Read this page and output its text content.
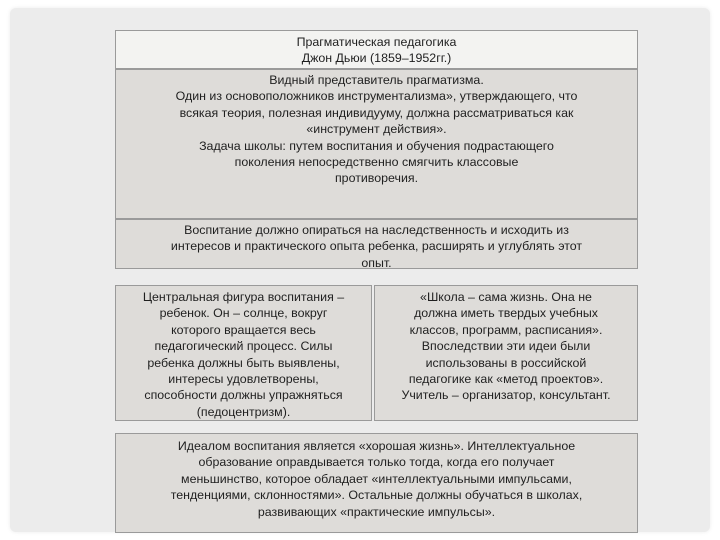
Прагматическая педагогика
Джон Дьюи (1859–1952гг.)
Видный представитель прагматизма.
Один из основоположников инструментализма», утверждающего, что
всякая теория, полезная индивидууму, должна рассматриваться как
«инструмент действия».
Задача школы: путем воспитания и обучения подрастающего
поколения непосредственно смягчить классовые
противоречия.
Воспитание должно опираться на наследственность и исходить из
интересов и практического опыта ребенка, расширять и углублять этот
опыт.
Центральная фигура воспитания –
ребенок. Он – солнце, вокруг
которого вращается весь
педагогический процесс. Силы
ребенка должны быть выявлены,
интересы удовлетворены,
способности должны упражняться
(педоцентризм).
«Школа – сама жизнь. Она не
должна иметь твердых учебных
классов, программ, расписания».
Впоследствии эти идеи были
использованы в российской
педагогике как «метод проектов».
Учитель – организатор, консультант.
Идеалом воспитания является «хорошая жизнь». Интеллектуальное
образование оправдывается только тогда, когда его получает
меньшинство, которое обладает «интеллектуальными импульсами,
тенденциями, склонностями». Остальные должны обучаться в школах,
развивающих «практические импульсы».
